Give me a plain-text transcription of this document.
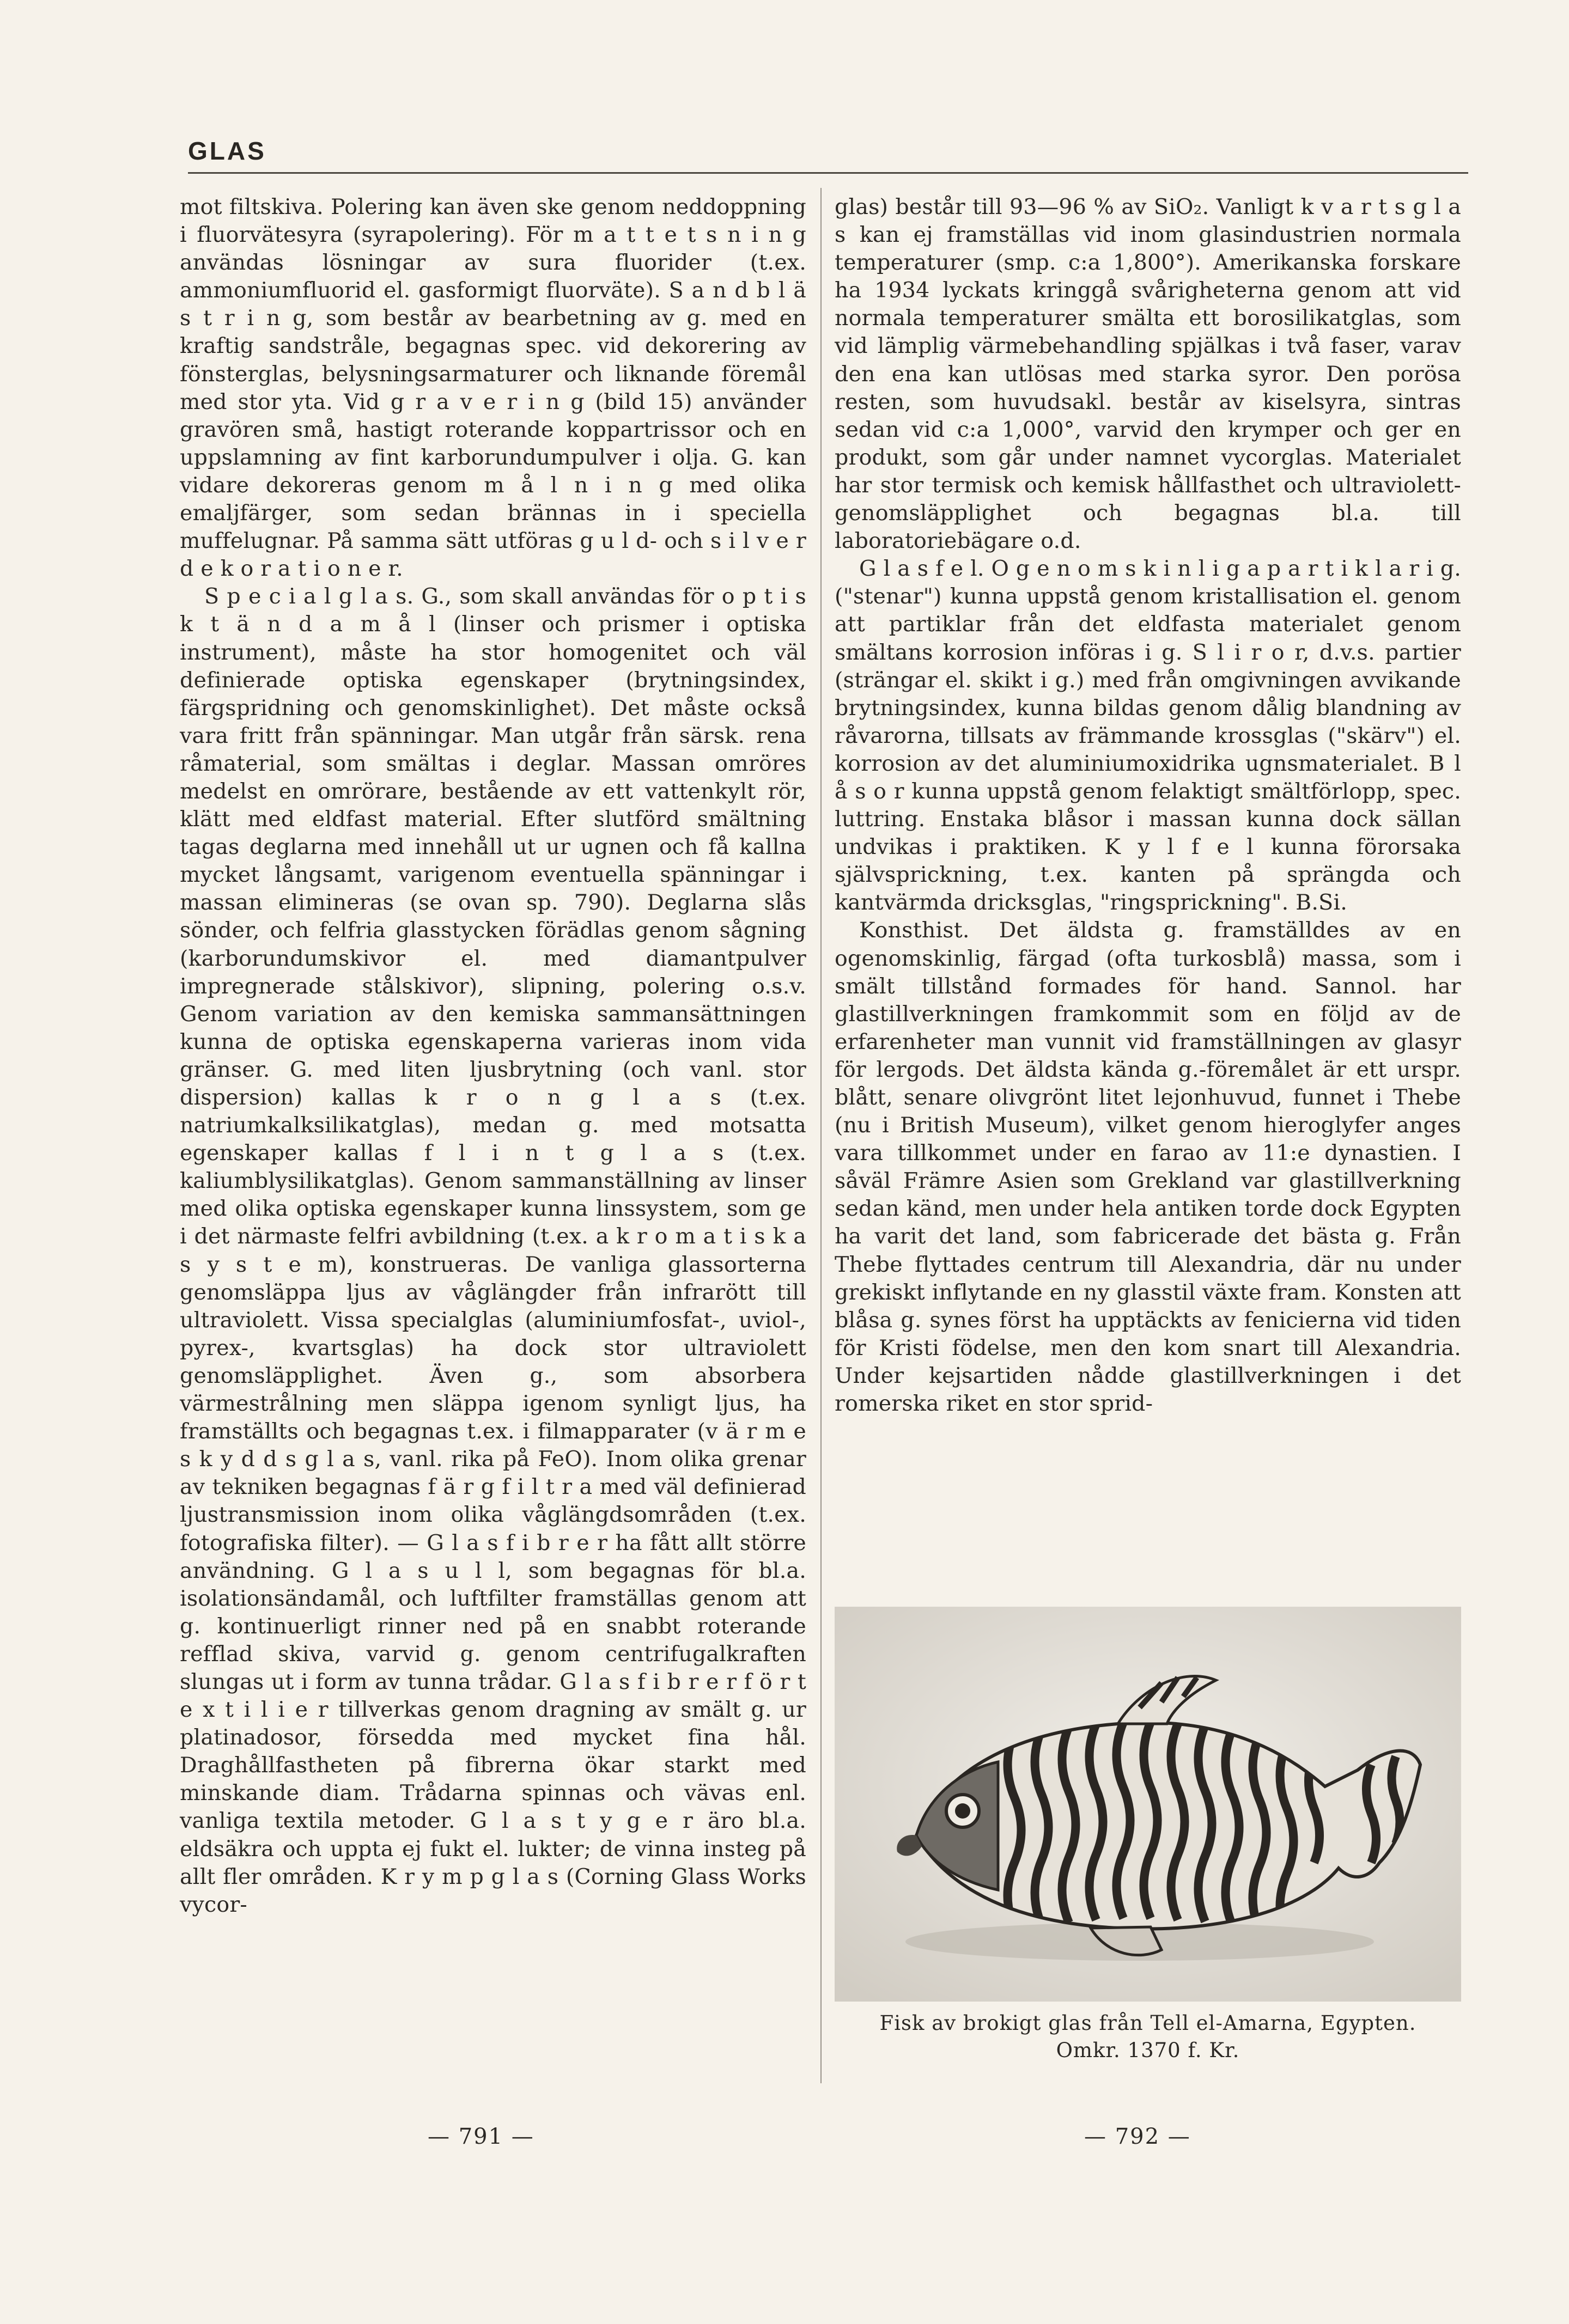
GLAS

mot filtskiva. Polering kan även ske genom neddoppning i fluorvätesyra (syrapolering). För m a t t e t s n i n g användas lösningar av sura fluorider (t.ex. ammoniumfluorid el. gasformigt fluorväte). S a n d b l ä s t r i n g, som består av bearbetning av g. med en kraftig sandstråle, begagnas spec. vid dekorering av fönsterglas, belysningsarmaturer och liknande föremål med stor yta. Vid g r a v e r i n g (bild 15) använder gravören små, hastigt roterande koppartrissor och en uppslamning av fint karborundumpulver i olja. G. kan vidare dekoreras genom m å l n i n g med olika emaljfärger, som sedan brännas in i speciella muffelugnar. På samma sätt utföras g u l d- och s i l v e r d e k o r a t i o n e r.

S p e c i a l g l a s. G., som skall användas för o p t i s k t ä n d a m å l (linser och prismer i optiska instrument), måste ha stor homogenitet och väl definierade optiska egenskaper (brytningsindex, färgspridning och genomskinlighet). Det måste också vara fritt från spänningar. Man utgår från särsk. rena råmaterial, som smältas i deglar. Massan omröres medelst en omrörare, bestående av ett vattenkylt rör, klätt med eldfast material. Efter slutförd smältning tagas deglarna med innehåll ut ur ugnen och få kallna mycket långsamt, varigenom eventuella spänningar i massan elimineras (se ovan sp. 790). Deglarna slås sönder, och felfria glasstycken förädlas genom sågning (karborundumskivor el. med diamantpulver impregnerade stålskivor), slipning, polering o.s.v. Genom variation av den kemiska sammansättningen kunna de optiska egenskaperna varieras inom vida gränser. G. med liten ljusbrytning (och vanl. stor dispersion) kallas k r o n g l a s (t.ex. natriumkalksilikatglas), medan g. med motsatta egenskaper kallas f l i n t g l a s (t.ex. kaliumblysilikatglas). Genom sammanställning av linser med olika optiska egenskaper kunna linssystem, som ge i det närmaste felfri avbildning (t.ex. a k r o m a t i s k a s y s t e m), konstrueras. De vanliga glassorterna genomsläppa ljus av våglängder från infrarött till ultraviolett. Vissa specialglas (aluminiumfosfat-, uviol-, pyrex-, kvartsglas) ha dock stor ultraviolett genomsläpplighet. Även g., som absorbera värmestrålning men släppa igenom synligt ljus, ha framställts och begagnas t.ex. i filmapparater (v ä r m e s k y d d s g l a s, vanl. rika på FeO). Inom olika grenar av tekniken begagnas f ä r g f i l t r a med väl definierad ljustransmission inom olika våglängdsområden (t.ex. fotografiska filter). — G l a s f i b r e r ha fått allt större användning. G l a s u l l, som begagnas för bl.a. isolationsändamål, och luftfilter framställas genom att g. kontinuerligt rinner ned på en snabbt roterande refflad skiva, varvid g. genom centrifugalkraften slungas ut i form av tunna trådar. G l a s f i b r e r f ö r t e x t i l i e r tillverkas genom dragning av smält g. ur platinadosor, försedda med mycket fina hål. Draghållfastheten på fibrerna ökar starkt med minskande diam. Trådarna spinnas och vävas enl. vanliga textila metoder. G l a s t y g e r äro bl.a. eldsäkra och uppta ej fukt el. lukter; de vinna insteg på allt fler områden. K r y m p g l a s (Corning Glass Works vycor-

glas) består till 93—96 % av SiO₂. Vanligt k v a r t s g l a s kan ej framställas vid inom glasindustrien normala temperaturer (smp. c:a 1,800°). Amerikanska forskare ha 1934 lyckats kringgå svårigheterna genom att vid normala temperaturer smälta ett borosilikatglas, som vid lämplig värmebehandling spjälkas i två faser, varav den ena kan utlösas med starka syror. Den porösa resten, som huvudsakl. består av kiselsyra, sintras sedan vid c:a 1,000°, varvid den krymper och ger en produkt, som går under namnet vycorglas. Materialet har stor termisk och kemisk hållfasthet och ultraviolett-genomsläpplighet och begagnas bl.a. till laboratoriebägare o.d.

G l a s f e l. O g e n o m s k i n l i g a p a r t i k l a r i g. ("stenar") kunna uppstå genom kristallisation el. genom att partiklar från det eldfasta materialet genom smältans korrosion införas i g. S l i r o r, d.v.s. partier (strängar el. skikt i g.) med från omgivningen avvikande brytningsindex, kunna bildas genom dålig blandning av råvarorna, tillsats av främmande krossglas ("skärv") el. korrosion av det aluminiumoxidrika ugnsmaterialet. B l å s o r kunna uppstå genom felaktigt smältförlopp, spec. luttring. Enstaka blåsor i massan kunna dock sällan undvikas i praktiken. K y l f e l kunna förorsaka självsprickning, t.ex. kanten på sprängda och kantvärmda dricksglas, "ringsprickning". B.Si.

Konsthist. Det äldsta g. framställdes av en ogenomskinlig, färgad (ofta turkosblå) massa, som i smält tillstånd formades för hand. Sannol. har glastillverkningen framkommit som en följd av de erfarenheter man vunnit vid framställningen av glasyr för lergods. Det äldsta kända g.-föremålet är ett urspr. blått, senare olivgrönt litet lejonhuvud, funnet i Thebe (nu i British Museum), vilket genom hieroglyfer anges vara tillkommet under en farao av 11:e dynastien. I såväl Främre Asien som Grekland var glastillverkning sedan känd, men under hela antiken torde dock Egypten ha varit det land, som fabricerade det bästa g. Från Thebe flyttades centrum till Alexandria, där nu under grekiskt inflytande en ny glasstil växte fram. Konsten att blåsa g. synes först ha upptäckts av fenicierna vid tiden för Kristi födelse, men den kom snart till Alexandria. Under kejsartiden nådde glastillverkningen i det romerska riket en stor sprid-

Fisk av brokigt glas från Tell el-Amarna, Egypten.
Omkr. 1370 f. Kr.
— 791 —	— 792 —
